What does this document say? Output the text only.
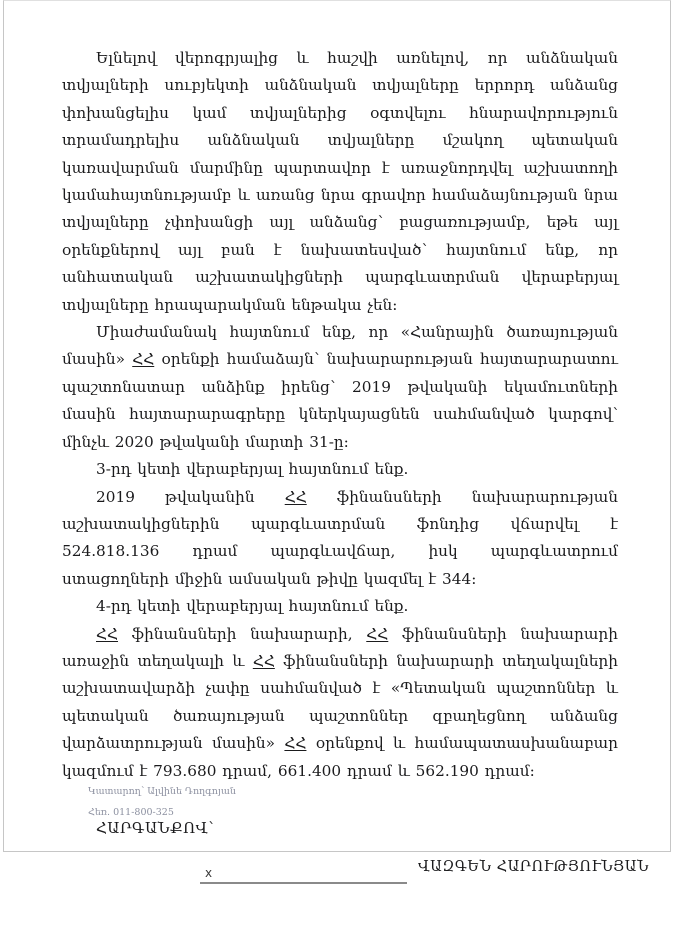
Ելնելով վերոգրյալից և հաշվի առնելով, որ անձնական տվյալների սուբյեկտի անձնական տվյալները երրորդ անձանց փոխանցելիս կամ տվյալներից օգտվելու հնարավորություն տրամադրելիս անձնական տվյալները մշակող պետական կառավարման մարմինը պարտավոր է առաջնորդվել աշխատողի կամահայտնությամբ և առանց նրա գրավոր համաձայնության նրա տվյալները չփոխանցի այլ անձանց՝ բացառությամբ, եթե այլ օրենքներով այլ բան է նախատեսված՝ հայտնում ենք, որ անհատական աշխատակիցների պարգևատրման վերաբերյալ տվյալները հրապարակման ենթակա չեն:

Միաժամանակ հայտնում ենք, որ «Հանրային ծառայության մասին» ՀՀ օրենքի համաձայն՝ նախարարության հայտարարատու պաշտոնատար անձինք իրենց՝ 2019 թվականի եկամուտների մասին հայտարարագրերը կներկայացնեն սահմանված կարգով՝ մինչև 2020 թվականի մարտի 31-ը:

3-րդ կետի վերաբերյալ հայտնում ենք.

2019 թվականին ՀՀ ֆինանսների նախարարության աշխատակիցներին պարգևատրման ֆոնդից վճարվել է 524.818.136 դրամ պարգևավճար, իսկ պարգևատրում ստացողների միջին ամսական թիվը կազմել է 344:

4-րդ կետի վերաբերյալ հայտնում ենք.

ՀՀ ֆինանսների նախարարի, ՀՀ ֆինանսների նախարարի առաջին տեղակալի և ՀՀ ֆինանսների նախարարի տեղակալների աշխատավարձի չափը սահմանված է «Պետական պաշտոններ և պետական ծառայության պաշտոններ զբաղեցնող անձանց վարձատրության մասին» ՀՀ օրենքով և համապատասխանաբար կազմում է 793.680 դրամ, 661.400 դրամ և 562.190 դրամ:

ՀԱՐԳԱՆՔՈՎ՝
x	ՎԱԶԳԵՆ ՀԱՐՈՒԹՅՈՒՆՅԱՆ
Կատարող՝ Ալվինե Դողգոյան
Հեռ. 011-800-325
